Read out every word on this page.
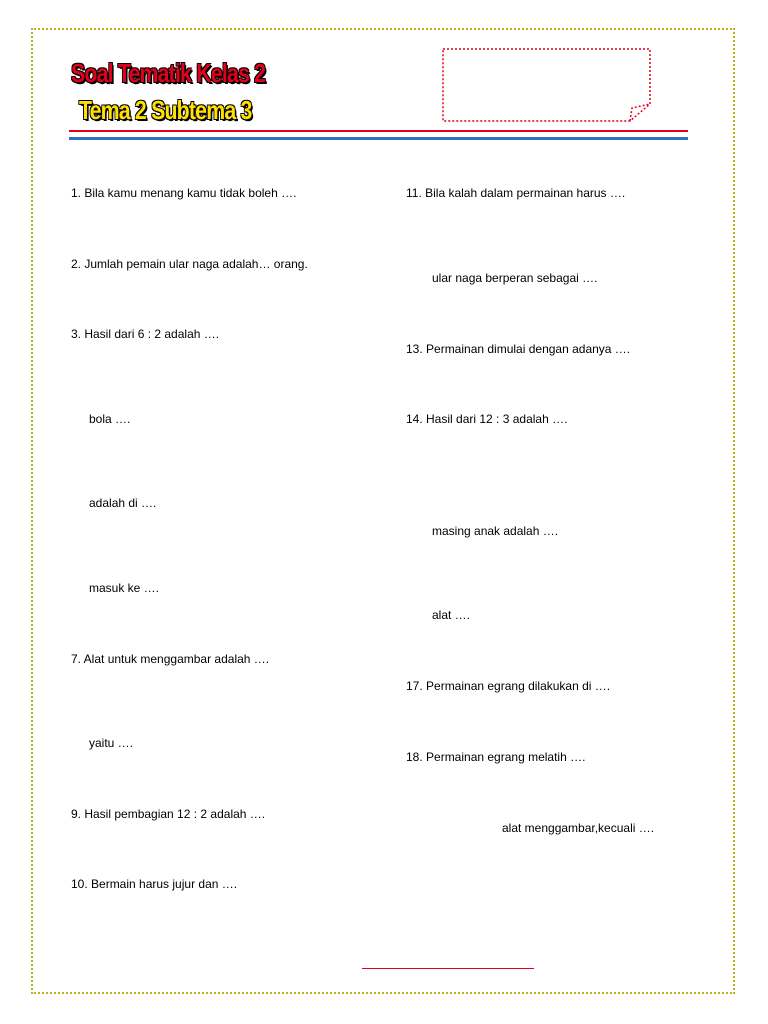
Soal Tematik Kelas 2
Tema 2 Subtema 3
1. Bila kamu menang kamu tidak boleh ….
2. Jumlah pemain ular naga adalah… orang.
3. Hasil dari 6 : 2 adalah ….
bola ….
adalah di ….
masuk ke ….
7. Alat untuk menggambar adalah ….
yaitu ….
9. Hasil pembagian 12 : 2 adalah ….
10. Bermain harus jujur dan ….
11. Bila kalah dalam permainan harus ….
ular naga berperan sebagai ….
13. Permainan dimulai dengan adanya ….
14. Hasil dari 12 : 3 adalah ….
masing anak adalah ….
alat ….
17. Permainan egrang dilakukan di ….
18. Permainan egrang melatih ….
alat menggambar,kecuali ….
